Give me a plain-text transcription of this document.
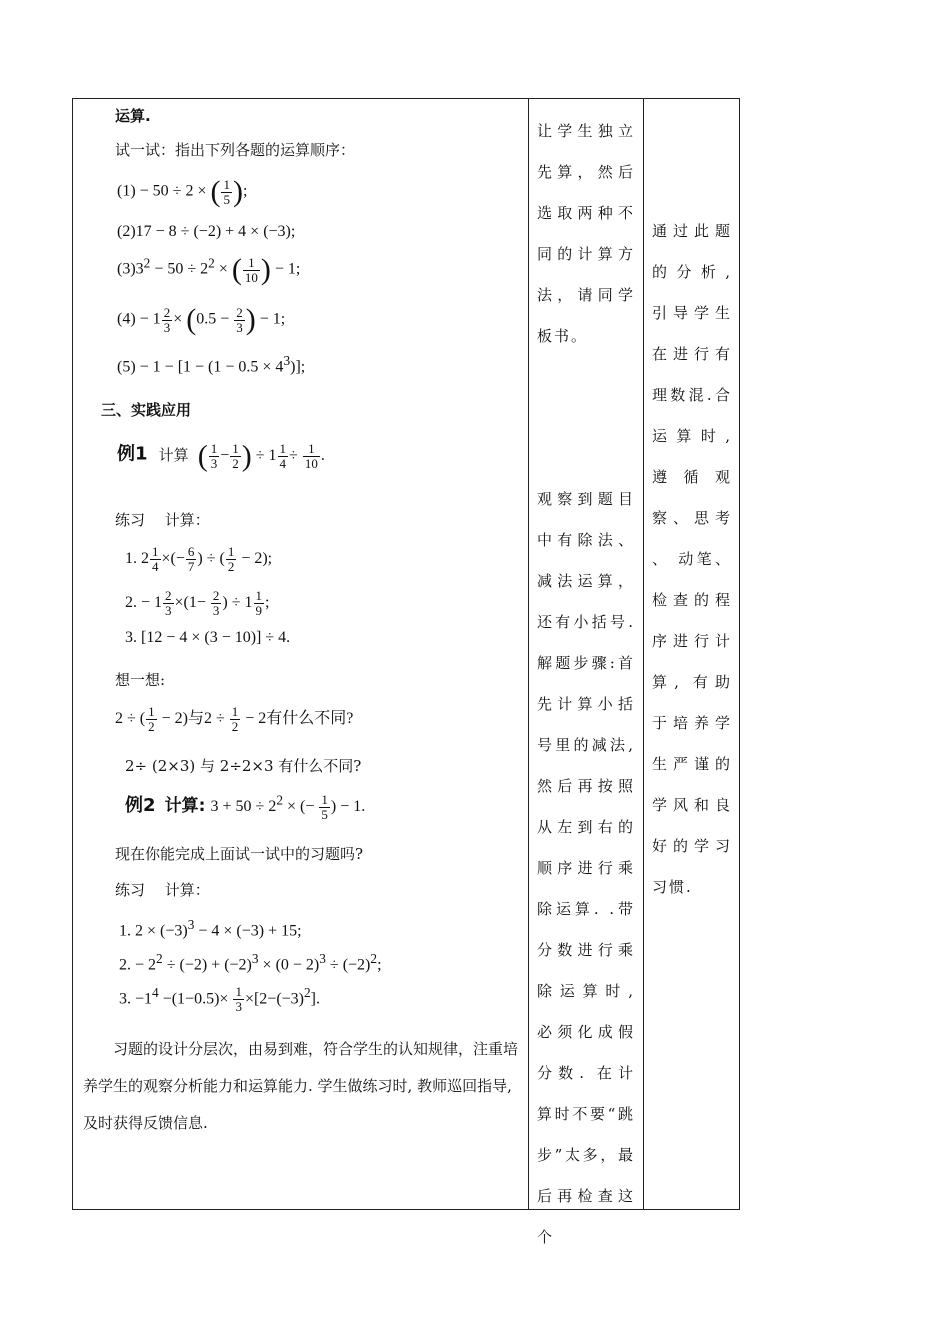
运算.
试一试：指出下列各题的运算顺序：
(1) − 50 ÷ 2 × ( $\frac{1}{5}$ );
(2)17 − 8 ÷ (−2) + 4 × (−3);
$(3)3^2 - 50 \div 2^2$ × ( $\frac{1}{10}$ ) − 1;
$(4) - 1 \frac{2}{3} \times (0.5 - \frac{2}{3}$ ) − 1;
$(5) - 1 - [1 - (1 - 0.5 \times 4^3)]$;
三、实践应用
例1 计算 ( $\frac{1}{3} - \frac{1}{2}$ ) ÷ $1 \frac{1}{4} \div \frac{1}{10}$ .
练习　 计算：
1. $2 \frac{1}{4}$ ×(− $\frac{6}{7}$ ) ÷ ( $\frac{1}{2} - 2$);
2. − $1 \frac{2}{3} \times(1- \frac{2}{3}$ ) ÷ $1 \frac{1}{9}$ ;
3. [12 − 4 × (3 − 10)] ÷ 4.
想一想:
2 ÷ ( $\frac{1}{2} - 2$)与$2 \div \frac{1}{2} - 2$有什么不同?
2÷ (2×3) 与 2÷2×3 有什么不同?
例2 计算: $3 + 50 \div 2^2$ × (− $\frac{1}{5}$ ) − 1.
现在你能完成上面试一试中的习题吗?
练习　 计算：
1. $2 \times (-3)^3 - 4 \times (-3) + 15$;
2. − $2^2 \div (-2) + (-2)^3 \times (0 - 2)^3 \div (-2)^2$;
3. $-1^4 -(1-0.5)\times \frac{1}{3} \times[2-(-3)^2]$.
习题的设计分层次，由易到难，符合学生的认知规律，注重培养学生的观察分析能力和运算能力. 学生做练习时, 教师巡回指导, 及时获得反馈信息.

让学生独立先算，然后选取两种不同的计算方法，请同学板书。
观察到题目中有除法、减法运算，还有小括号. 解题步骤:首先计算小括号里的减法, 然后再按照从左到右的顺序进行乘除运算. .带分数进行乘除运算时, 必须化成假分数. 在计算时不要“跳步”太多，最后再检查这个

通过此题的分析, 引导学生在进行有理数混.合运算时, 遵循观察、思考 、 动笔、检查的程序进行计算, 有助于培养学生严谨的学风和良好的学习习惯.
